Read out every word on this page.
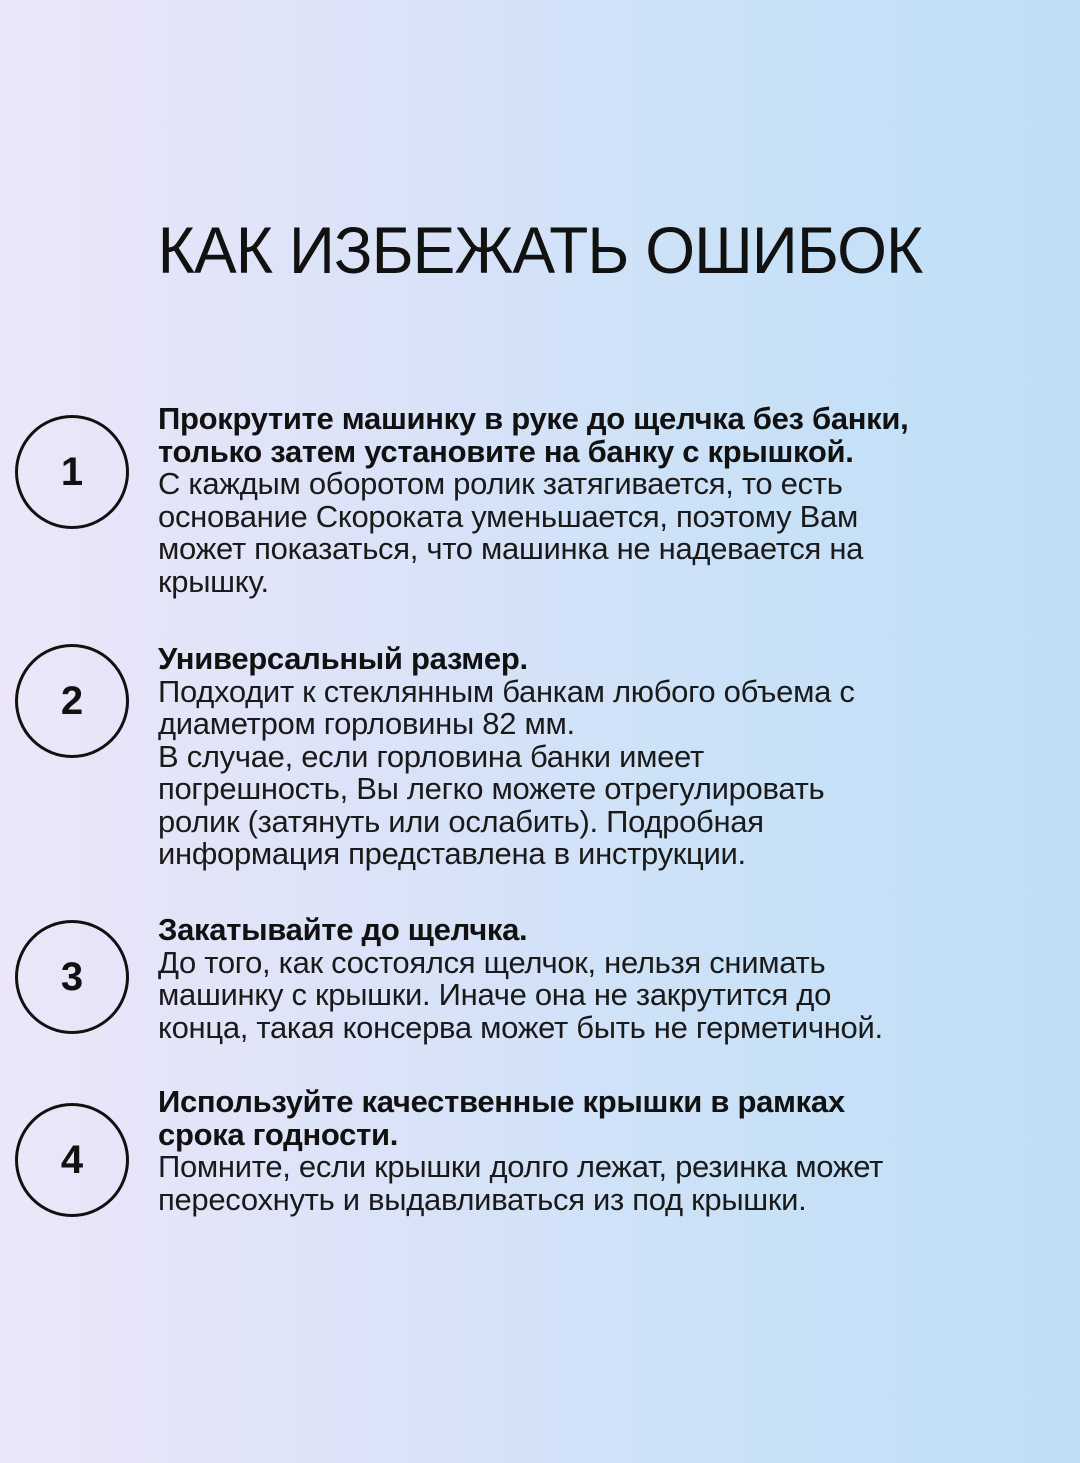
КАК ИЗБЕЖАТЬ ОШИБОК
1
Прокрутите машинку в руке до щелчка без банки,
только затем установите на банку с крышкой.
С каждым оборотом ролик затягивается, то есть
основание Скороката уменьшается, поэтому Вам
может показаться, что машинка не надевается на
крышку.
2
Универсальный размер.
Подходит к стеклянным банкам любого объема с
диаметром горловины 82 мм.
В случае, если горловина банки имеет
погрешность, Вы легко можете отрегулировать
ролик (затянуть или ослабить). Подробная
информация представлена в инструкции.
3
Закатывайте до щелчка.
До того, как состоялся щелчок, нельзя снимать
машинку с крышки. Иначе она не закрутится до
конца, такая консерва может быть не герметичной.
4
Используйте качественные крышки в рамках
срока годности.
Помните, если крышки долго лежат, резинка может
пересохнуть и выдавливаться из под крышки.
